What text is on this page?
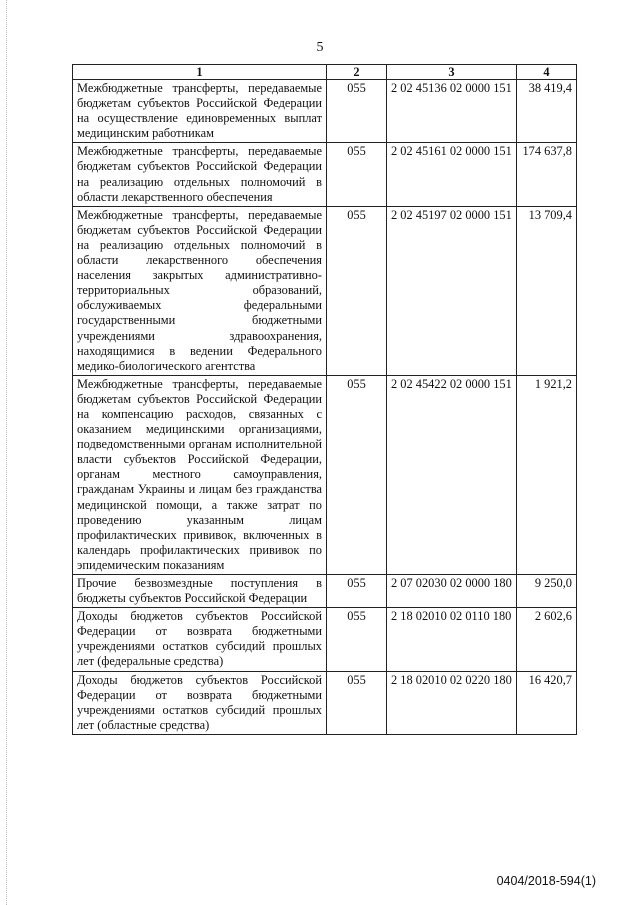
5
1	2	3	4
Межбюджетные трансферты, передаваемые бюджетам субъектов Российской Федерации на осуществление единовременных выплат медицинским работникам	055	2 02 45136 02 0000 151	38 419,4
Межбюджетные трансферты, передаваемые бюджетам субъектов Российской Федерации на реализацию отдельных полномочий в области лекарственного обеспечения	055	2 02 45161 02 0000 151	174 637,8
Межбюджетные трансферты, передаваемые бюджетам субъектов Российской Федерации на реализацию отдельных полномочий в области лекарственного обеспечения населения закрытых административно-территориальных образований, обслуживаемых федеральными государственными бюджетными учреждениями здравоохранения, находящимися в ведении Федерального медико-биологического агентства	055	2 02 45197 02 0000 151	13 709,4
Межбюджетные трансферты, передаваемые бюджетам субъектов Российской Федерации на компенсацию расходов, связанных с оказанием медицинскими организациями, подведомственными органам исполнительной власти субъектов Российской Федерации, органам местного самоуправления, гражданам Украины и лицам без гражданства медицинской помощи, а также затрат по проведению указанным лицам профилактических прививок, включенных в календарь профилактических прививок по эпидемическим показаниям	055	2 02 45422 02 0000 151	1 921,2
Прочие безвозмездные поступления в бюджеты субъектов Российской Федерации	055	2 07 02030 02 0000 180	9 250,0
Доходы бюджетов субъектов Российской Федерации от возврата бюджетными учреждениями остатков субсидий прошлых лет (федеральные средства)	055	2 18 02010 02 0110 180	2 602,6
Доходы бюджетов субъектов Российской Федерации от возврата бюджетными учреждениями остатков субсидий прошлых лет (областные средства)	055	2 18 02010 02 0220 180	16 420,7
0404/2018-594(1)
